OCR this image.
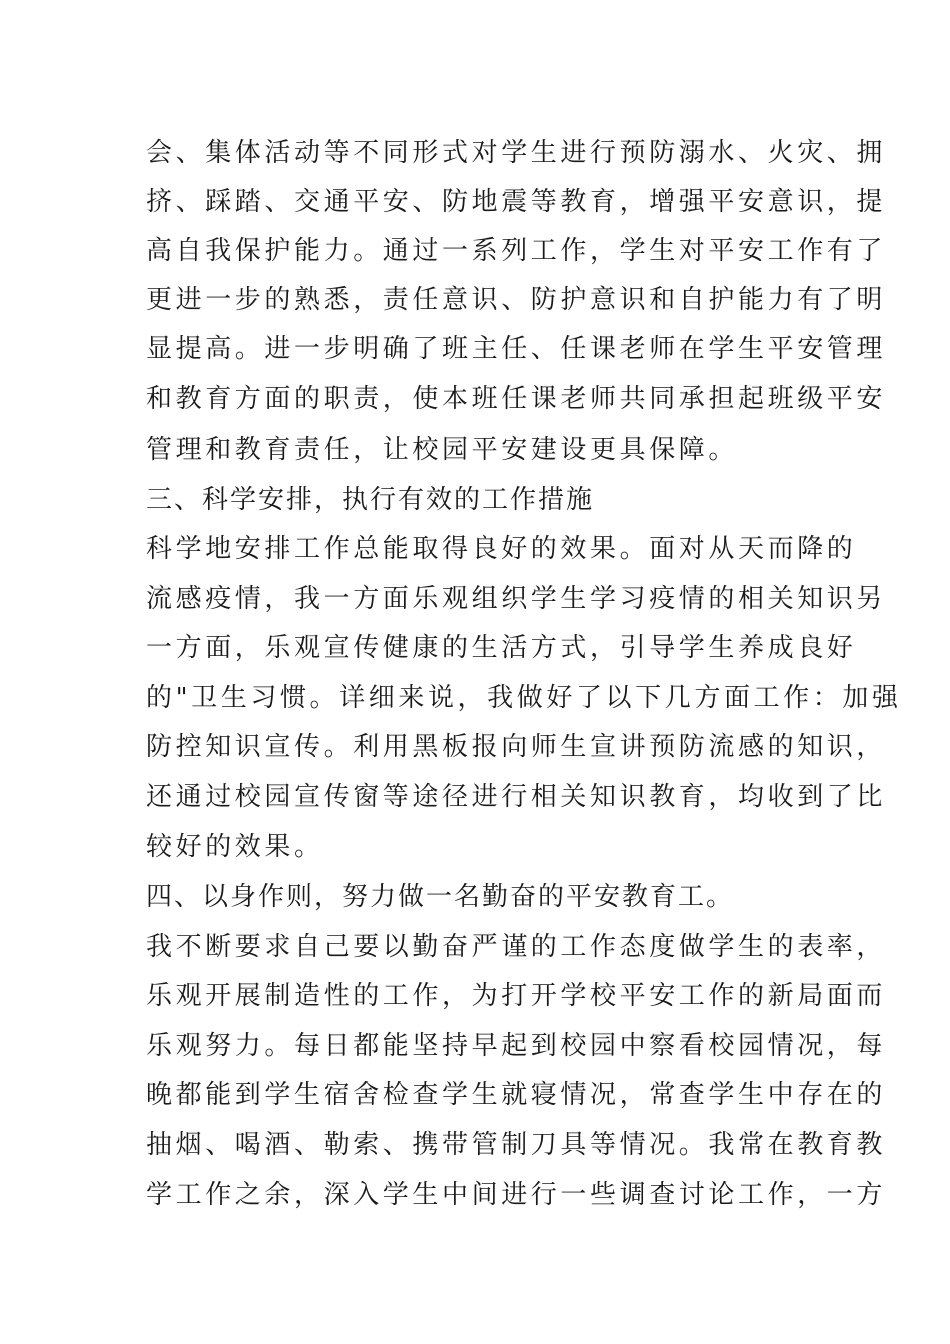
会、集体活动等不同形式对学生进行预防溺水、火灾、拥
挤、踩踏、交通平安、防地震等教育，增强平安意识，提
高自我保护能力。通过一系列工作，学生对平安工作有了
更进一步的熟悉，责任意识、防护意识和自护能力有了明
显提高。进一步明确了班主任、任课老师在学生平安管理
和教育方面的职责，使本班任课老师共同承担起班级平安
管理和教育责任，让校园平安建设更具保障。
三、科学安排，执行有效的工作措施
科学地安排工作总能取得良好的效果。面对从天而降的
流感疫情，我一方面乐观组织学生学习疫情的相关知识另
一方面，乐观宣传健康的生活方式，引导学生养成良好
的"卫生习惯。详细来说，我做好了以下几方面工作：加强
防控知识宣传。利用黑板报向师生宣讲预防流感的知识，
还通过校园宣传窗等途径进行相关知识教育，均收到了比
较好的效果。
四、以身作则，努力做一名勤奋的平安教育工。
我不断要求自己要以勤奋严谨的工作态度做学生的表率，
乐观开展制造性的工作，为打开学校平安工作的新局面而
乐观努力。每日都能坚持早起到校园中察看校园情况，每
晚都能到学生宿舍检查学生就寝情况，常查学生中存在的
抽烟、喝酒、勒索、携带管制刀具等情况。我常在教育教
学工作之余，深入学生中间进行一些调查讨论工作，一方
